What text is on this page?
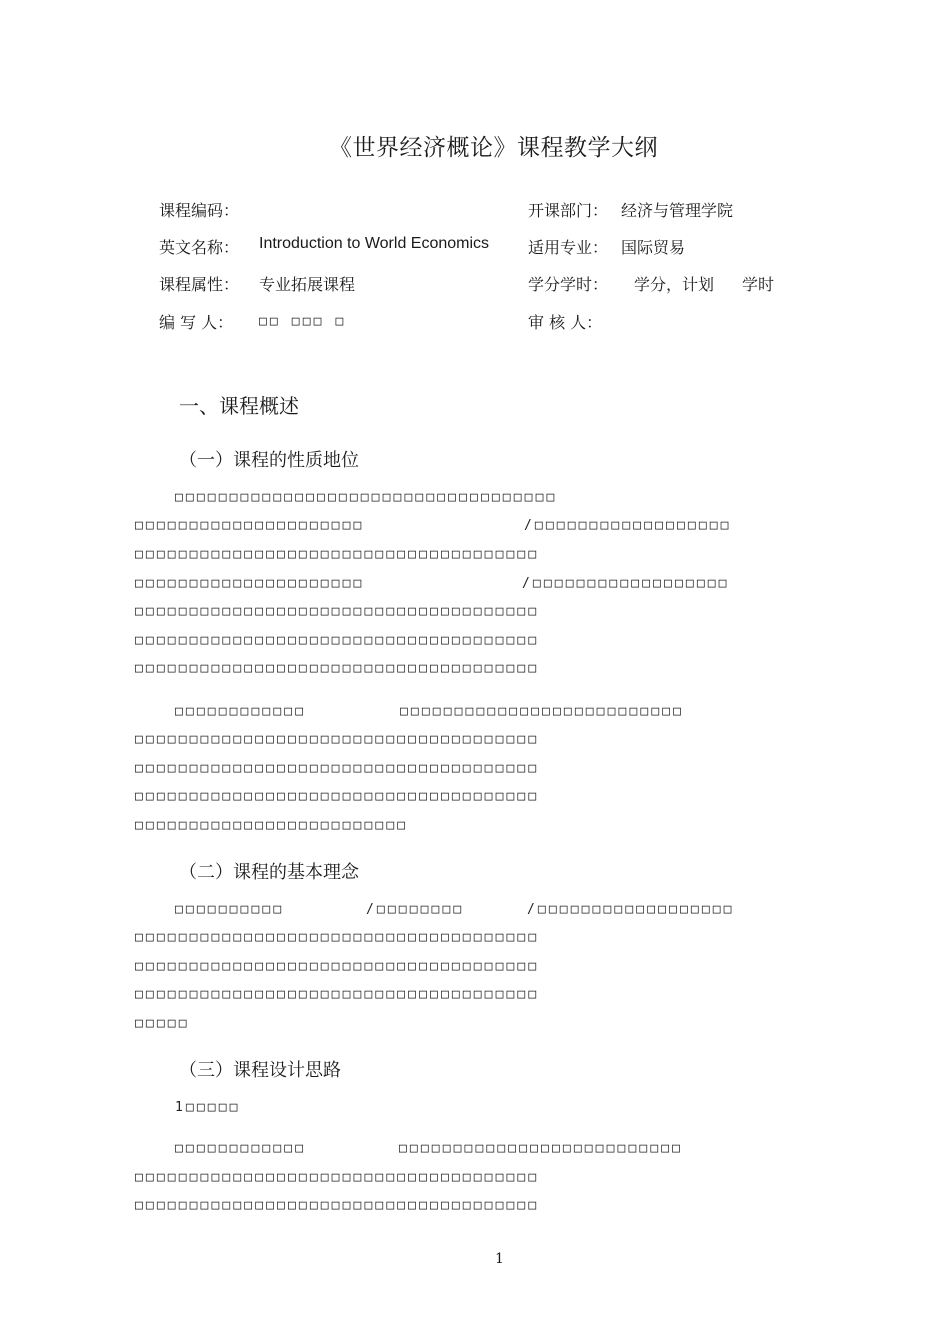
《世界经济概论》课程教学大纲
课程编码：	开课部门： 经济与管理学院
英文名称： Introduction to World Economics 适用专业： 国际贸易
课程属性： 专业拓展课程	学分学时： 学分，计划 学时
编 写 人： □□ □□□ □	审 核 人：
一、课程概述
（一）课程的性质地位
□□□□□□□□□□□□□□□□□□□□□□□□□□□□□□□□□□□
□□□□□□□□□□□□□□□□□□□□□	/□□□□□□□□□□□□□□□□□□
□□□□□□□□□□□□□□□□□□□□□□□□□□□□□□□□□□□□□
□□□□□□□□□□□□□□□□□□□□□	/□□□□□□□□□□□□□□□□□□
□□□□□□□□□□□□□□□□□□□□□□□□□□□□□□□□□□□□□
□□□□□□□□□□□□□□□□□□□□□□□□□□□□□□□□□□□□□
□□□□□□□□□□□□□□□□□□□□□□□□□□□□□□□□□□□□□
□□□□□□□□□□□□	□□□□□□□□□□□□□□□□□□□□□□□□□□
□□□□□□□□□□□□□□□□□□□□□□□□□□□□□□□□□□□□□
□□□□□□□□□□□□□□□□□□□□□□□□□□□□□□□□□□□□□
□□□□□□□□□□□□□□□□□□□□□□□□□□□□□□□□□□□□□
□□□□□□□□□□□□□□□□□□□□□□□□□
（二）课程的基本理念
□□□□□□□□□□	/□□□□□□□□	/□□□□□□□□□□□□□□□□□□
□□□□□□□□□□□□□□□□□□□□□□□□□□□□□□□□□□□□□
□□□□□□□□□□□□□□□□□□□□□□□□□□□□□□□□□□□□□
□□□□□□□□□□□□□□□□□□□□□□□□□□□□□□□□□□□□□
□□□□□
（三）课程设计思路
1□□□□□
□□□□□□□□□□□□	□□□□□□□□□□□□□□□□□□□□□□□□□□
□□□□□□□□□□□□□□□□□□□□□□□□□□□□□□□□□□□□□
□□□□□□□□□□□□□□□□□□□□□□□□□□□□□□□□□□□□□
1
